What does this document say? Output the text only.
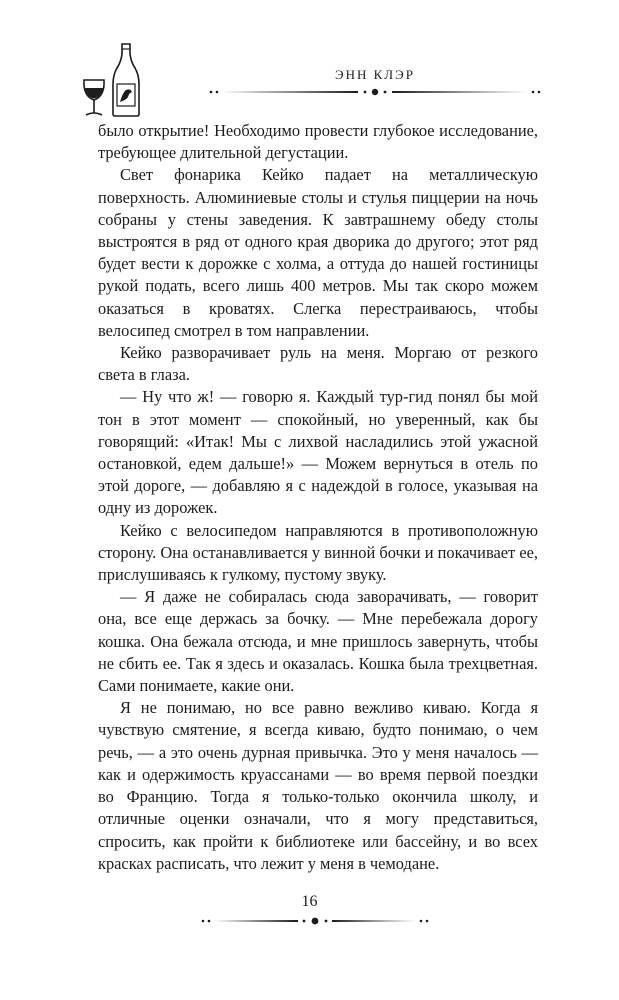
ЭНН КЛЭР

было открытие! Необходимо провести глубокое исследование, требующее длительной дегустации.

Свет фонарика Кейко падает на металлическую поверхность. Алюминиевые столы и стулья пиццерии на ночь собраны у стены заведения. К завтрашнему обеду столы выстроятся в ряд от одного края дворика до другого; этот ряд будет вести к дорожке с холма, а оттуда до нашей гостиницы рукой подать, всего лишь 400 метров. Мы так скоро можем оказаться в кроватях. Слегка перестраиваюсь, чтобы велосипед смотрел в том направлении.

Кейко разворачивает руль на меня. Моргаю от резкого света в глаза.

— Ну что ж! — говорю я. Каждый тур-гид понял бы мой тон в этот момент — спокойный, но уверенный, как бы говорящий: «Итак! Мы с лихвой насладились этой ужасной остановкой, едем дальше!» — Можем вернуться в отель по этой дороге, — добавляю я с надеждой в голосе, указывая на одну из дорожек.

Кейко с велосипедом направляются в противоположную сторону. Она останавливается у винной бочки и покачивает ее, прислушиваясь к гулкому, пустому звуку.

— Я даже не собиралась сюда заворачивать, — говорит она, все еще держась за бочку. — Мне перебежала дорогу кошка. Она бежала отсюда, и мне пришлось завернуть, чтобы не сбить ее. Так я здесь и оказалась. Кошка была трехцветная. Сами понимаете, какие они.

Я не понимаю, но все равно вежливо киваю. Когда я чувствую смятение, я всегда киваю, будто понимаю, о чем речь, — а это очень дурная привычка. Это у меня началось — как и одержимость круассанами — во время первой поездки во Францию. Тогда я только-только окончила школу, и отличные оценки означали, что я могу представиться, спросить, как пройти к библиотеке или бассейну, и во всех красках расписать, что лежит у меня в чемодане.

16
